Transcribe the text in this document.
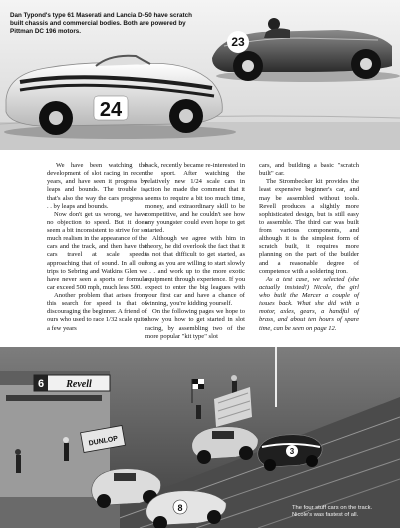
23
24
Dan Typond's type 61 Maserati and Lancia D-50 have scratch built chassis and commercial bodies. Both are powered by Pittman DC 196 motors.

We have been watching the development of slot racing in recent years, and have seen it progress by leaps and bounds. The trouble is, that's also the way the cars progress . . . by leaps and bounds.

Now don't get us wrong, we have no objection to speed. But it does seem a bit inconsistent to strive for so much realism in the appearance of the cars and the track, and then have the cars travel at scale speeds approaching that of sound. In all our trips to Sebring and Watkins Glen we have never seen a sports or formula car exceed 500 mph, much less 500.

Another problem that arises from this search for speed is that of discouraging the beginner. A friend of ours who used to race 1/32 scale quite a few years

back, recently became re-interested in the sport. After watching the relatively new 1/24 scale cars in action he made the comment that it seems to require a bit too much time, money, and extraordinary skill to be competitive, and he couldn't see how any youngster could even hope to get started.

Although we agree with him in theory, he did overlook the fact that it is not that difficult to get started, as long as you are willing to start slowly . . . and work up to the more exotic equipment through experience. If you expect to enter the big leagues with your first car and have a chance of winning, you're kidding yourself.

On the following pages we hope to show you how to get started in slot racing, by assembling two of the more popular "kit type" slot

cars, and building a basic "scratch built" car.

The Strombecker kit provides the least expensive beginner's car, and may be assembled without tools. Revell produces a slightly more sophisticated design, but is still easy to assemble. The third car was built from various components, and although it is the simplest form of scratch built, it requires more planning on the part of the builder and a reasonable degree of competence with a soldering iron.

As a test case, we selected (she actually insisted!) Nicole, the girl who built the Mercer a couple of issues back. What she did with a motor, axles, gears, a handful of brass, and about ten hours of spare time, can be seen on page 12.

6 Revell
DUNLOP
8
3
The four stuff cars on the track. Nicole's was fastest of all.
